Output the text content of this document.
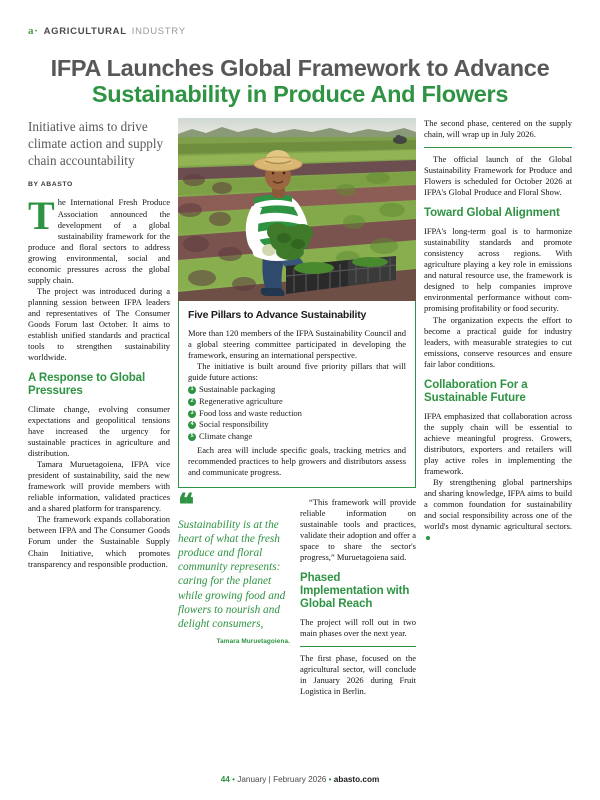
a· AGRICULTURAL INDUSTRY
IFPA Launches Global Framework to Advance
Sustainability in Produce And Flowers
Initiative aims to drive climate action and supply chain accountability
BY ABASTO

The International Fresh Produce Association announced the development of a global sustainability framework for the produce and floral sectors to address growing environmental, social and economic pressures across the global supply chain.

The project was introduced during a planning session between IFPA leaders and representatives of The Consumer Goods Forum last October. It aims to establish unified standards and practical tools to strengthen sustainability worldwide.

A Response to Global Pressures

Climate change, evolving consumer expectations and geopolitical tensions have increased the urgency for sustainable practices in agriculture and distribution.

Tamara Muruetagoiena, IFPA vice president of sustainability, said the new framework will provide members with reliable information, validated practices and a shared platform for transparency.

The framework expands collaboration between IFPA and The Consumer Goods Forum under the Sustainable Supply Chain Initiative, which promotes transparency and responsible production.

Five Pillars to Advance Sustainability

More than 120 members of the IFPA Sustainability Council and a global steering committee participated in developing the framework, ensuring an international perspective.

The initiative is built around five priority pillars that will guide future actions:

1 Sustainable packaging
2 Regenerative agriculture
3 Food loss and waste reduction
4 Social responsibility
5 Climate change

Each area will include specific goals, tracking metrics and recommended practices to help growers and distributors assess and communicate progress.

❝
Sustainability is at the heart of what the fresh produce and floral community represents: caring for the planet while growing food and flowers to nourish and delight consumers,
Tamara Muruetagoiena.

“This framework will provide reliable information on sustainable tools and practices, validate their adoption and offer a space to share the sector's progress,” Muruetagoiena said.

Phased Implementation with Global Reach

The project will roll out in two main phases over the next year.

The first phase, focused on the agricultural sector, will conclude in January 2026 during Fruit Logistica in Berlin.

The second phase, centered on the supply chain, will wrap up in July 2026.

The official launch of the Global Sustainability Framework for Produce and Flowers is scheduled for October 2026 at IFPA's Global Produce and Floral Show.

Toward Global Alignment

IFPA's long-term goal is to harmonize sustainability standards and promote consistency across regions. With agriculture playing a key role in emissions and natural resource use, the framework is designed to help companies improve environmental performance without compromising profitability or food security.

The organization expects the effort to become a practical guide for industry leaders, with measurable strategies to cut emissions, conserve resources and ensure fair labor conditions.

Collaboration For a Sustainable Future

IFPA emphasized that collaboration across the supply chain will be essential to achieve meaningful progress. Growers, distributors, exporters and retailers will play active roles in implementing the framework.

By strengthening global partnerships and sharing knowledge, IFPA aims to build a common foundation for sustainability and social responsibility across one of the world's most dynamic agricultural sectors.

44 • January | February 2026 • abasto.com
